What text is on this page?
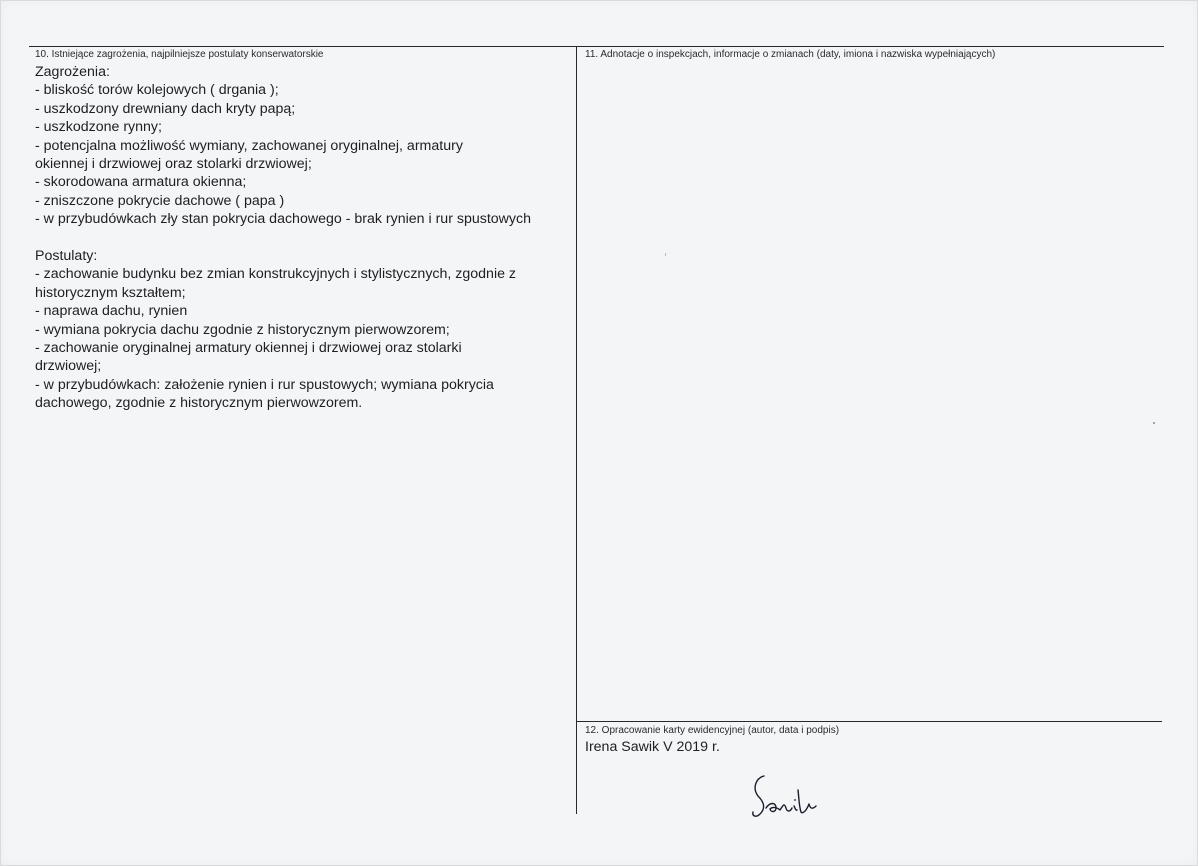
10. Istniejące zagrożenia, najpilniejsze postulaty konserwatorskie

Zagrożenia:

- bliskość torów kolejowych ( drgania );

- uszkodzony drewniany dach kryty papą;

- uszkodzone rynny;

- potencjalna możliwość wymiany, zachowanej oryginalnej, armatury okiennej i drzwiowej oraz stolarki drzwiowej;

- skorodowana armatura okienna;

- zniszczone pokrycie dachowe ( papa )

- w przybudówkach zły stan pokrycia dachowego - brak rynien i rur spustowych

Postulaty:

- zachowanie budynku bez zmian konstrukcyjnych i stylistycznych, zgodnie z historycznym kształtem;

- naprawa dachu, rynien

- wymiana pokrycia dachu zgodnie z historycznym pierwowzorem;

- zachowanie oryginalnej armatury okiennej i drzwiowej oraz stolarki drzwiowej;

- w przybudówkach: założenie rynien i rur spustowych; wymiana pokrycia dachowego, zgodnie z historycznym pierwowzorem.

11. Adnotacje o inspekcjach, informacje o zmianach (daty, imiona i nazwiska wypełniających)
12. Opracowanie karty ewidencyjnej (autor, data i podpis)
Irena Sawik V 2019 r.
